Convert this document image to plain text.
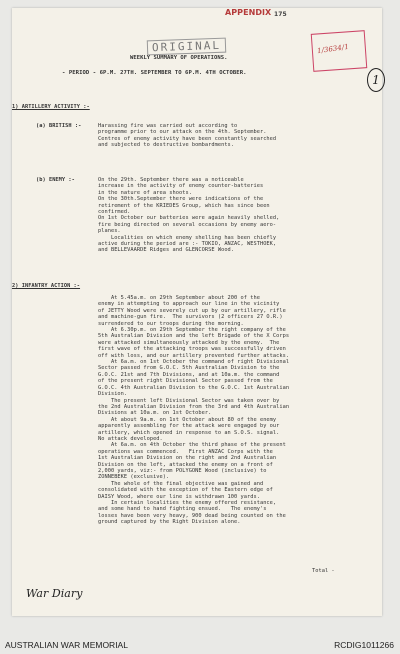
APPENDIX 175
1/3634/1
ORIGINAL
WEEKLY SUMMARY OF OPERATIONS.
- PERIOD - 6P.M. 27TH. SEPTEMBER TO 6P.M. 4TH OCTOBER.	1
1) ARTILLERY ACTIVITY :-
(a) BRITISH :-	Harassing fire was carried out according to
programme prior to our attack on the 4th. September.
Centres of enemy activity have been constantly searched
and subjected to destructive bombardments.
(b) ENEMY :-	On the 29th. September there was a noticeable
increase in the activity of enemy counter-batteries
in the nature of area shoots.
On the 30th.September there were indications of the
retirement of the KRIEDES Group, which has since been
confirmed.
On 1st October our batteries were again heavily shelled,
fire being directed on several occasions by enemy aero-
planes.
Localities on which enemy shelling has been chiefly
active during the period are :- TOKIO, ANZAC, WESTHOEK,
and BELLEVAARDE Ridges and GLENCORSE Wood.
2) INFANTRY ACTION :-
At 5.45a.m. on 29th September about 200 of the
enemy in attempting to approach our line in the vicinity
of JETTY Wood were severely cut up by our artillery, rifle
and machine-gun fire.  The survivors (2 officers 27 O.R.)
surrendered to our troops during the morning.
At 6.30p.m. on 29th September the right company of the
5th Australian Division and the left Brigade of the X Corps
were attacked simultaneously attacked by the enemy.  The
first wave of the attacking troops was successfully driven
off with loss, and our artillery prevented further attacks.
At 6a.m. on 1st October the command of right Divisional
Sector passed from G.O.C. 5th Australian Division to the
G.O.C. 21st and 7th Divisions, and at 10a.m. the command
of the present right Divisional Sector passed from the
G.O.C. 4th Australian Division to the G.O.C. 1st Australian
Division.
The present left Divisional Sector was taken over by
the 2nd Australian Division from the 3rd and 4th Australian
Divisions at 10a.m. on 1st October.
At about 9a.m. on 1st October about 80 of the enemy
apparently assembling for the attack were engaged by our
artillery, which opened in response to an S.O.S. signal.
No attack developed.
At 6a.m. on 4th October the third phase of the present
operations was commenced.   First ANZAC Corps with the
1st Australian Division on the right and 2nd Australian
Division on the left, attacked the enemy on a front of
2,000 yards, viz:- from POLYGONE Wood (inclusive) to
ZONNEBEKE (exclusive).
The whole of the final objective was gained and
consolidated with the exception of the Eastern edge of
DAISY Wood, where our line is withdrawn 100 yards.
In certain localities the enemy offered resistance,
and some hand to hand fighting ensued.   The enemy's
losses have been very heavy, 900 dead being counted on the
ground captured by the Right Division alone.
Total -
War Diary
AUSTRALIAN WAR MEMORIAL	RCDIG1011266
